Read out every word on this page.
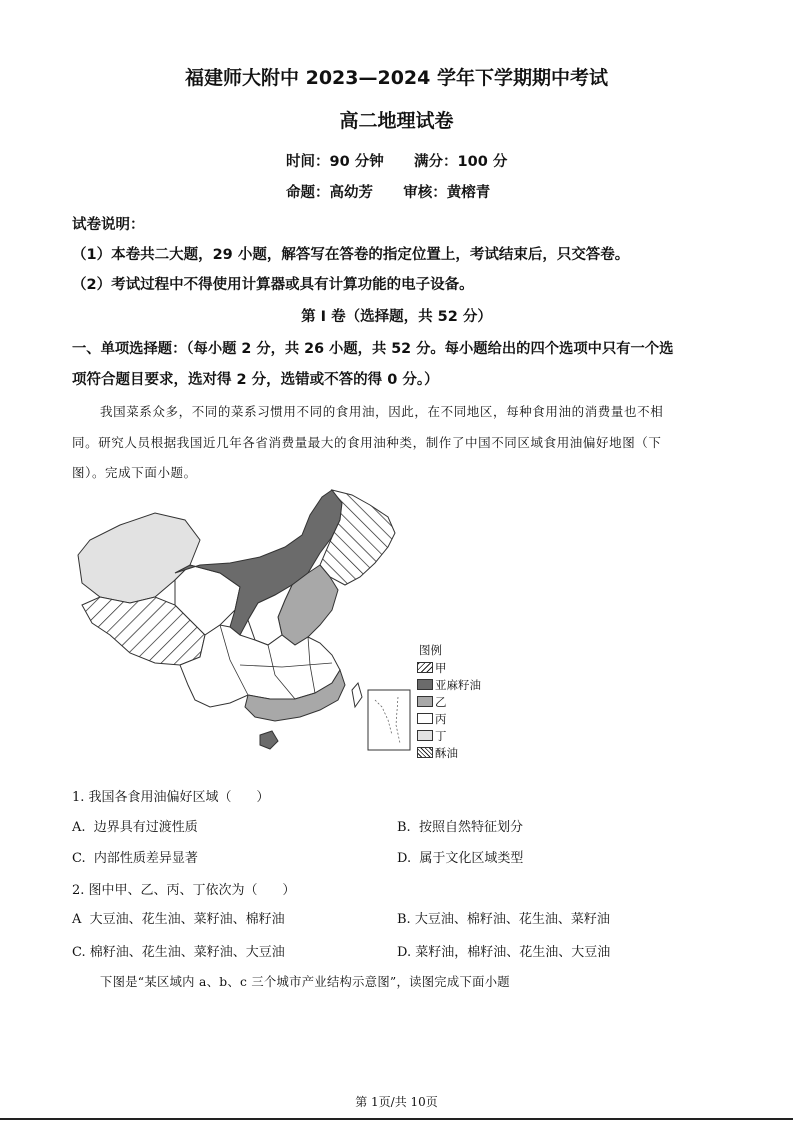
福建师大附中 2023—2024 学年下学期期中考试
高二地理试卷
时间：90 分钟      满分：100 分
命题：高幼芳      审核：黄榕青
试卷说明：
（1）本卷共二大题，29 小题，解答写在答卷的指定位置上，考试结束后，只交答卷。
（2）考试过程中不得使用计算器或具有计算功能的电子设备。
第 I 卷（选择题，共 52 分）
一、单项选择题：（每小题 2 分，共 26 小题，共 52 分。每小题给出的四个选项中只有一个选
项符合题目要求，选对得 2 分，选错或不答的得 0 分。）
我国菜系众多，不同的菜系习惯用不同的食用油，因此，在不同地区，每种食用油的消费量也不相
同。研究人员根据我国近几年各省消费量最大的食用油种类，制作了中国不同区域食用油偏好地图（下
图）。完成下面小题。
图例
甲
亚麻籽油
乙
丙
丁
酥油
1. 我国各食用油偏好区域（      ）
A.  边界具有过渡性质	B.  按照自然特征划分
C.  内部性质差异显著	D.  属于文化区域类型
2. 图中甲、乙、丙、丁依次为（      ）
A  大豆油、花生油、菜籽油、棉籽油	B. 大豆油、棉籽油、花生油、菜籽油
C. 棉籽油、花生油、菜籽油、大豆油	D. 菜籽油，棉籽油、花生油、大豆油
下图是“某区域内 a、b、c 三个城市产业结构示意图”，读图完成下面小题
第 1页/共 10页
